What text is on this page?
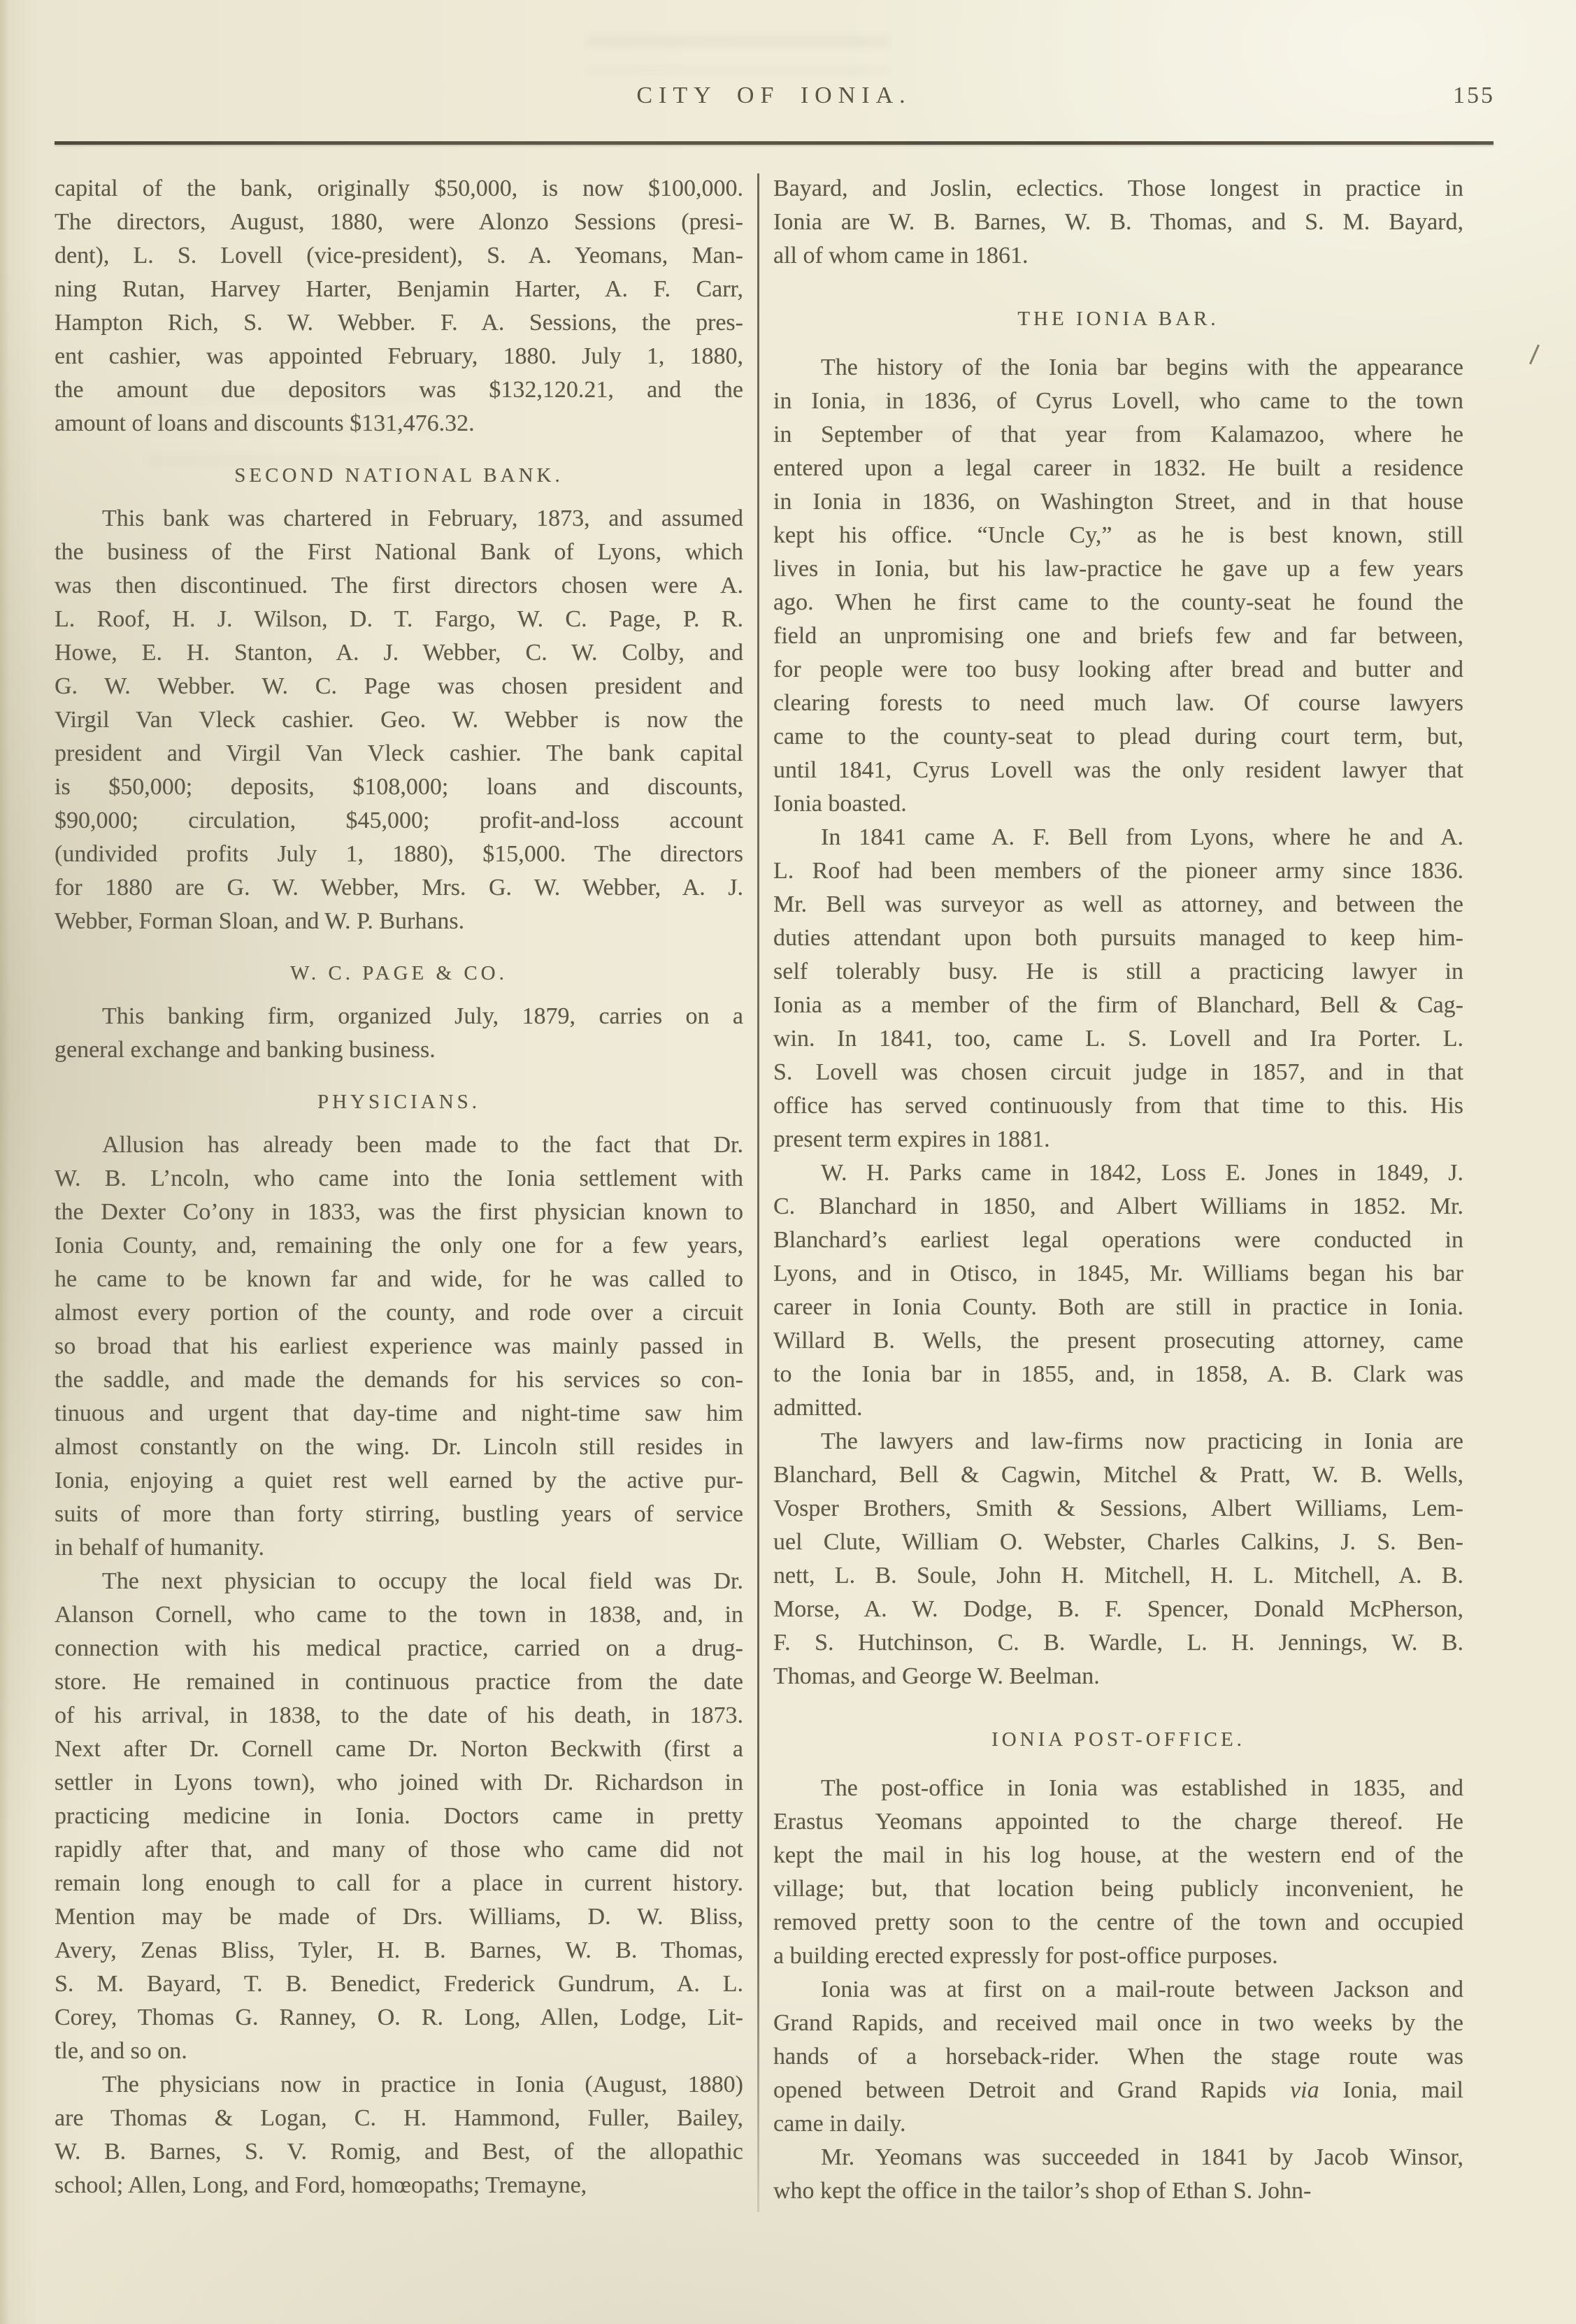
CITY OF IONIA.	155
capital of the bank, originally $50,000, is now $100,000.
The directors, August, 1880, were Alonzo Sessions (presi-
dent), L. S. Lovell (vice-president), S. A. Yeomans, Man-
ning Rutan, Harvey Harter, Benjamin Harter, A. F. Carr,
Hampton Rich, S. W. Webber. F. A. Sessions, the pres-
ent cashier, was appointed February, 1880. July 1, 1880,
the amount due depositors was $132,120.21, and the
amount of loans and discounts $131,476.32.
SECOND NATIONAL BANK.
This bank was chartered in February, 1873, and assumed
the business of the First National Bank of Lyons, which
was then discontinued. The first directors chosen were A.
L. Roof, H. J. Wilson, D. T. Fargo, W. C. Page, P. R.
Howe, E. H. Stanton, A. J. Webber, C. W. Colby, and
G. W. Webber. W. C. Page was chosen president and
Virgil Van Vleck cashier. Geo. W. Webber is now the
president and Virgil Van Vleck cashier. The bank capital
is $50,000; deposits, $108,000; loans and discounts,
$90,000; circulation, $45,000; profit-and-loss account
(undivided profits July 1, 1880), $15,000. The directors
for 1880 are G. W. Webber, Mrs. G. W. Webber, A. J.
Webber, Forman Sloan, and W. P. Burhans.
W. C. PAGE & CO.
This banking firm, organized July, 1879, carries on a
general exchange and banking business.
PHYSICIANS.
Allusion has already been made to the fact that Dr.
W. B. L’ncoln, who came into the Ionia settlement with
the Dexter Co’ony in 1833, was the first physician known to
Ionia County, and, remaining the only one for a few years,
he came to be known far and wide, for he was called to
almost every portion of the county, and rode over a circuit
so broad that his earliest experience was mainly passed in
the saddle, and made the demands for his services so con-
tinuous and urgent that day-time and night-time saw him
almost constantly on the wing. Dr. Lincoln still resides in
Ionia, enjoying a quiet rest well earned by the active pur-
suits of more than forty stirring, bustling years of service
in behalf of humanity.
The next physician to occupy the local field was Dr.
Alanson Cornell, who came to the town in 1838, and, in
connection with his medical practice, carried on a drug-
store. He remained in continuous practice from the date
of his arrival, in 1838, to the date of his death, in 1873.
Next after Dr. Cornell came Dr. Norton Beckwith (first a
settler in Lyons town), who joined with Dr. Richardson in
practicing medicine in Ionia. Doctors came in pretty
rapidly after that, and many of those who came did not
remain long enough to call for a place in current history.
Mention may be made of Drs. Williams, D. W. Bliss,
Avery, Zenas Bliss, Tyler, H. B. Barnes, W. B. Thomas,
S. M. Bayard, T. B. Benedict, Frederick Gundrum, A. L.
Corey, Thomas G. Ranney, O. R. Long, Allen, Lodge, Lit-
tle, and so on.
The physicians now in practice in Ionia (August, 1880)
are Thomas & Logan, C. H. Hammond, Fuller, Bailey,
W. B. Barnes, S. V. Romig, and Best, of the allopathic
school; Allen, Long, and Ford, homœopaths; Tremayne,
Bayard, and Joslin, eclectics. Those longest in practice in
Ionia are W. B. Barnes, W. B. Thomas, and S. M. Bayard,
all of whom came in 1861.
THE IONIA BAR.
The history of the Ionia bar begins with the appearance
in Ionia, in 1836, of Cyrus Lovell, who came to the town
in September of that year from Kalamazoo, where he
entered upon a legal career in 1832. He built a residence
in Ionia in 1836, on Washington Street, and in that house
kept his office. “Uncle Cy,” as he is best known, still
lives in Ionia, but his law-practice he gave up a few years
ago. When he first came to the county-seat he found the
field an unpromising one and briefs few and far between,
for people were too busy looking after bread and butter and
clearing forests to need much law. Of course lawyers
came to the county-seat to plead during court term, but,
until 1841, Cyrus Lovell was the only resident lawyer that
Ionia boasted.
In 1841 came A. F. Bell from Lyons, where he and A.
L. Roof had been members of the pioneer army since 1836.
Mr. Bell was surveyor as well as attorney, and between the
duties attendant upon both pursuits managed to keep him-
self tolerably busy. He is still a practicing lawyer in
Ionia as a member of the firm of Blanchard, Bell & Cag-
win. In 1841, too, came L. S. Lovell and Ira Porter. L.
S. Lovell was chosen circuit judge in 1857, and in that
office has served continuously from that time to this. His
present term expires in 1881.
W. H. Parks came in 1842, Loss E. Jones in 1849, J.
C. Blanchard in 1850, and Albert Williams in 1852. Mr.
Blanchard’s earliest legal operations were conducted in
Lyons, and in Otisco, in 1845, Mr. Williams began his bar
career in Ionia County. Both are still in practice in Ionia.
Willard B. Wells, the present prosecuting attorney, came
to the Ionia bar in 1855, and, in 1858, A. B. Clark was
admitted.
The lawyers and law-firms now practicing in Ionia are
Blanchard, Bell & Cagwin, Mitchel & Pratt, W. B. Wells,
Vosper Brothers, Smith & Sessions, Albert Williams, Lem-
uel Clute, William O. Webster, Charles Calkins, J. S. Ben-
nett, L. B. Soule, John H. Mitchell, H. L. Mitchell, A. B.
Morse, A. W. Dodge, B. F. Spencer, Donald McPherson,
F. S. Hutchinson, C. B. Wardle, L. H. Jennings, W. B.
Thomas, and George W. Beelman.
IONIA POST-OFFICE.
The post-office in Ionia was established in 1835, and
Erastus Yeomans appointed to the charge thereof. He
kept the mail in his log house, at the western end of the
village; but, that location being publicly inconvenient, he
removed pretty soon to the centre of the town and occupied
a building erected expressly for post-office purposes.
Ionia was at first on a mail-route between Jackson and
Grand Rapids, and received mail once in two weeks by the
hands of a horseback-rider. When the stage route was
opened between Detroit and Grand Rapids via Ionia, mail
came in daily.
Mr. Yeomans was succeeded in 1841 by Jacob Winsor,
who kept the office in the tailor’s shop of Ethan S. John-
